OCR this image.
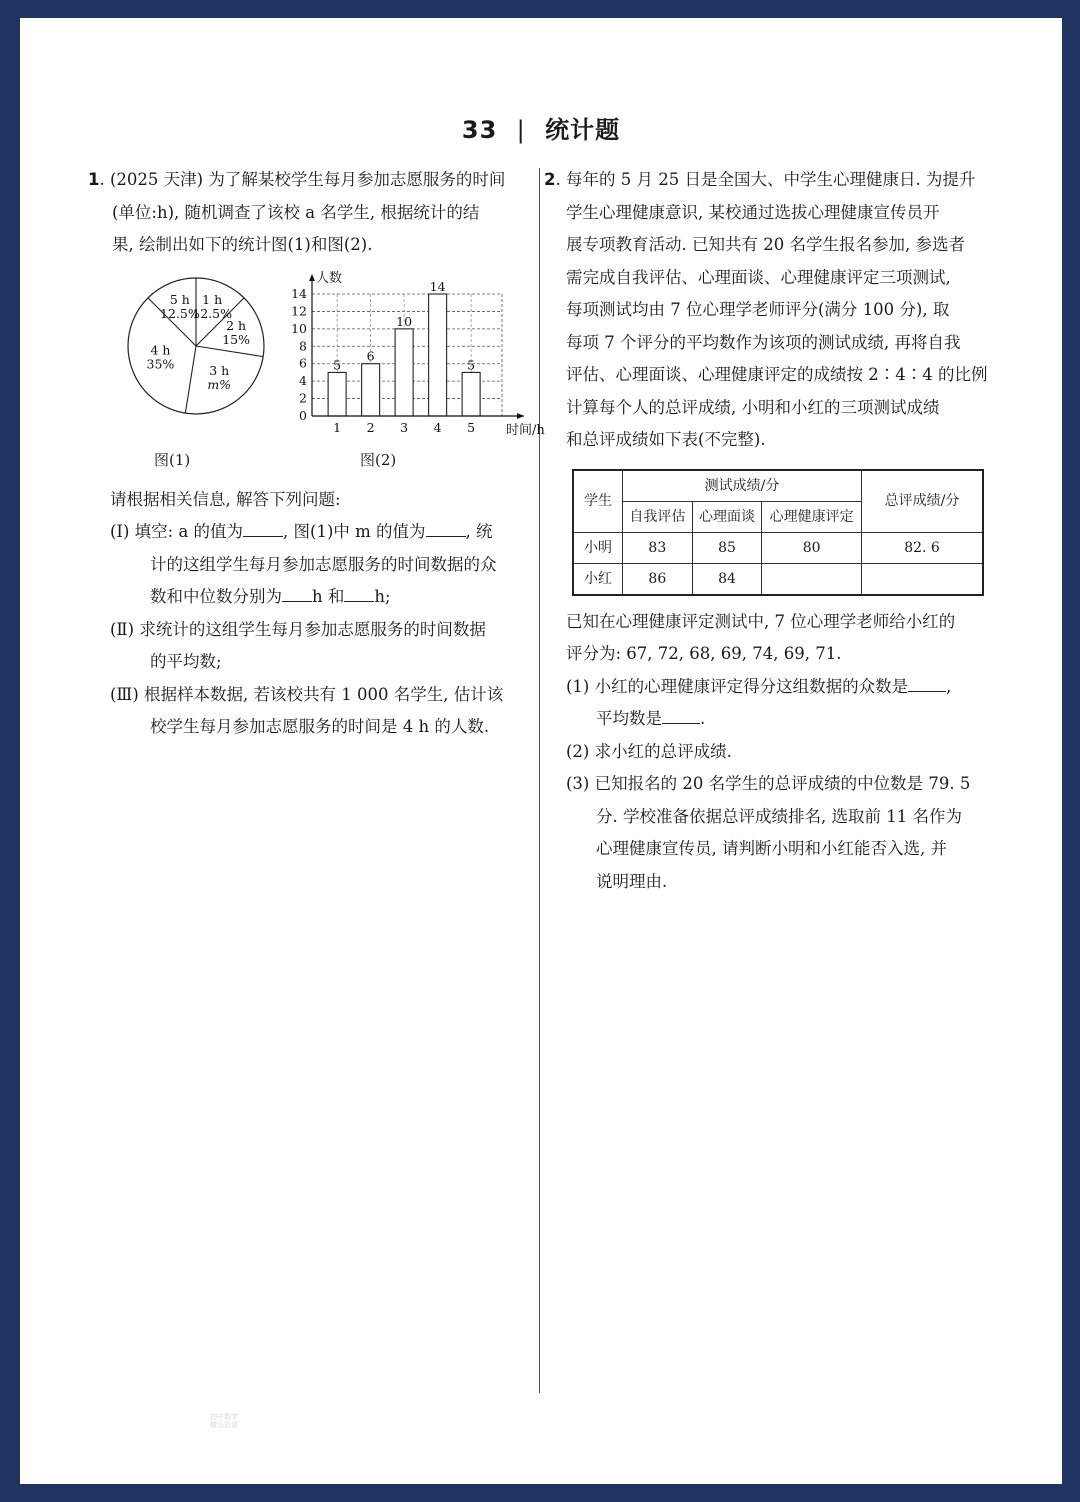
33 | 统计题
1. (2025 天津) 为了解某校学生每月参加志愿服务的时间
(单位:h), 随机调查了该校 a 名学生, 根据统计的结
果, 绘制出如下的统计图(1)和图(2).
1 h
12.5%
2 h
15%
3 h
m%
4 h
35%
5 h
12.5%
0
2
4
6
8
10
12
14
5
1
6
2
10
3
14
4
5
5
人数
时间/h
图(1)	图(2)
请根据相关信息, 解答下列问题:
(Ⅰ) 填空: a 的值为 , 图(1)中 m 的值为 , 统
计的这组学生每月参加志愿服务的时间数据的众
数和中位数分别为 h 和 h;
(Ⅱ) 求统计的这组学生每月参加志愿服务的时间数据
的平均数;
(Ⅲ) 根据样本数据, 若该校共有 1 000 名学生, 估计该
校学生每月参加志愿服务的时间是 4 h 的人数.
2. 每年的 5 月 25 日是全国大、中学生心理健康日. 为提升
学生心理健康意识, 某校通过选拔心理健康宣传员开
展专项教育活动. 已知共有 20 名学生报名参加, 参选者
需完成自我评估、心理面谈、心理健康评定三项测试,
每项测试均由 7 位心理学老师评分(满分 100 分), 取
每项 7 个评分的平均数作为该项的测试成绩, 再将自我
评估、心理面谈、心理健康评定的成绩按 2∶4∶4 的比例
计算每个人的总评成绩, 小明和小红的三项测试成绩
和总评成绩如下表(不完整).
学生	测试成绩/分			总评成绩/分
	自我评估	心理面谈	心理健康评定	
小明	83	85	80	82. 6
小红	86	84		
已知在心理健康评定测试中, 7 位心理学老师给小红的
评分为: 67, 72, 68, 69, 74, 69, 71.
(1) 小红的心理健康评定得分这组数据的众数是 ,
平均数是 .
(2) 求小红的总评成绩.
(3) 已知报名的 20 名学生的总评成绩的中位数是 79. 5
分. 学校准备依据总评成绩排名, 选取前 11 名作为
心理健康宣传员, 请判断小明和小红能否入选, 并
说明理由.
初中数学
精品资源
